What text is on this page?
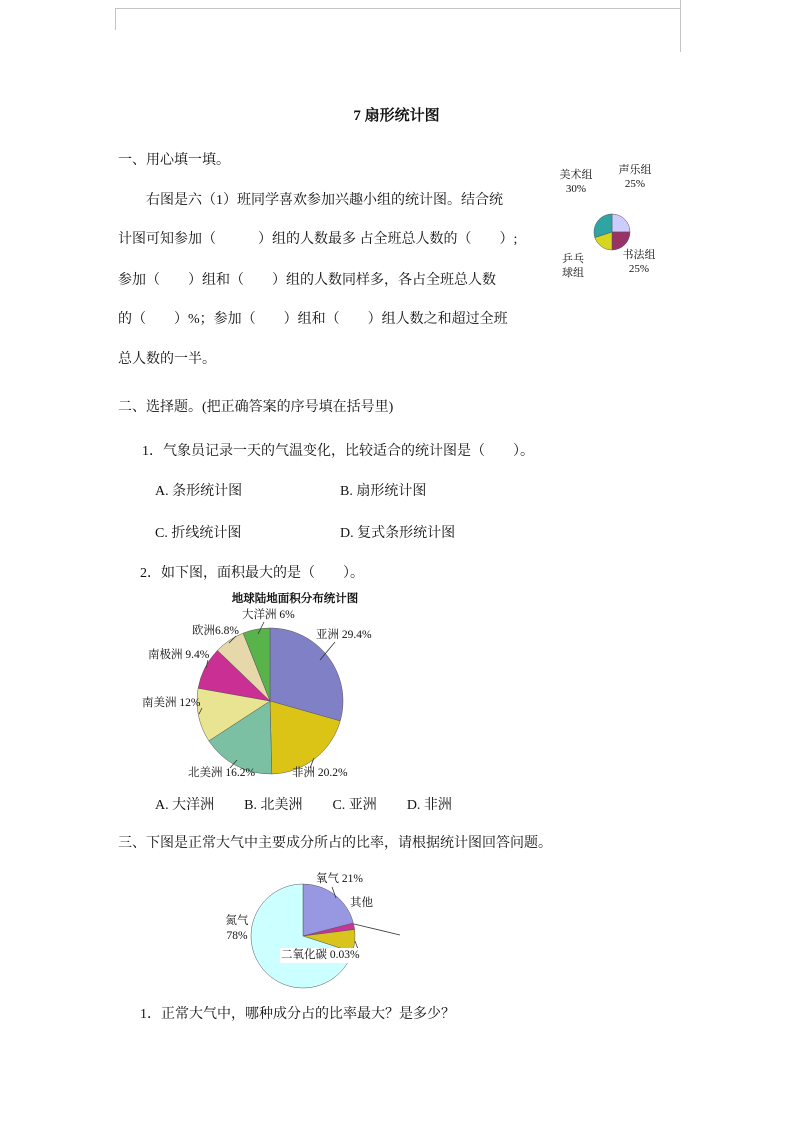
7 扇形统计图
一、用心填一填。
右图是六（1）班同学喜欢参加兴趣小组的统计图。结合统
计图可知参加（　　　）组的人数最多 占全班总人数的（　　）;
参加（　　）组和（　　）组的人数同样多，各占全班总人数
的（　　）%；参加（　　）组和（　　）组人数之和超过全班
总人数的一半。
美术组 30%
声乐组 25%
乒乓球组
书法组 25%
二、选择题。(把正确答案的序号填在括号里)
1．气象员记录一天的气温变化，比较适合的统计图是（　　）。
A. 条形统计图	B. 扇形统计图
C. 折线统计图	D. 复式条形统计图
2．如下图，面积最大的是（　　）。
地球陆地面积分布统计图
大洋洲 6%
欧洲6.8%	亚洲 29.4%
南极洲 9.4%
南美洲 12%
北美洲 16.2%	非洲 20.2%
A. 大洋洲 B. 北美洲 C. 亚洲 D. 非洲
三、下图是正常大气中主要成分所占的比率，请根据统计图回答问题。
氧气 21%
其他
氮气 78%
二氧化碳 0.03%
1．正常大气中，哪种成分占的比率最大？是多少？
